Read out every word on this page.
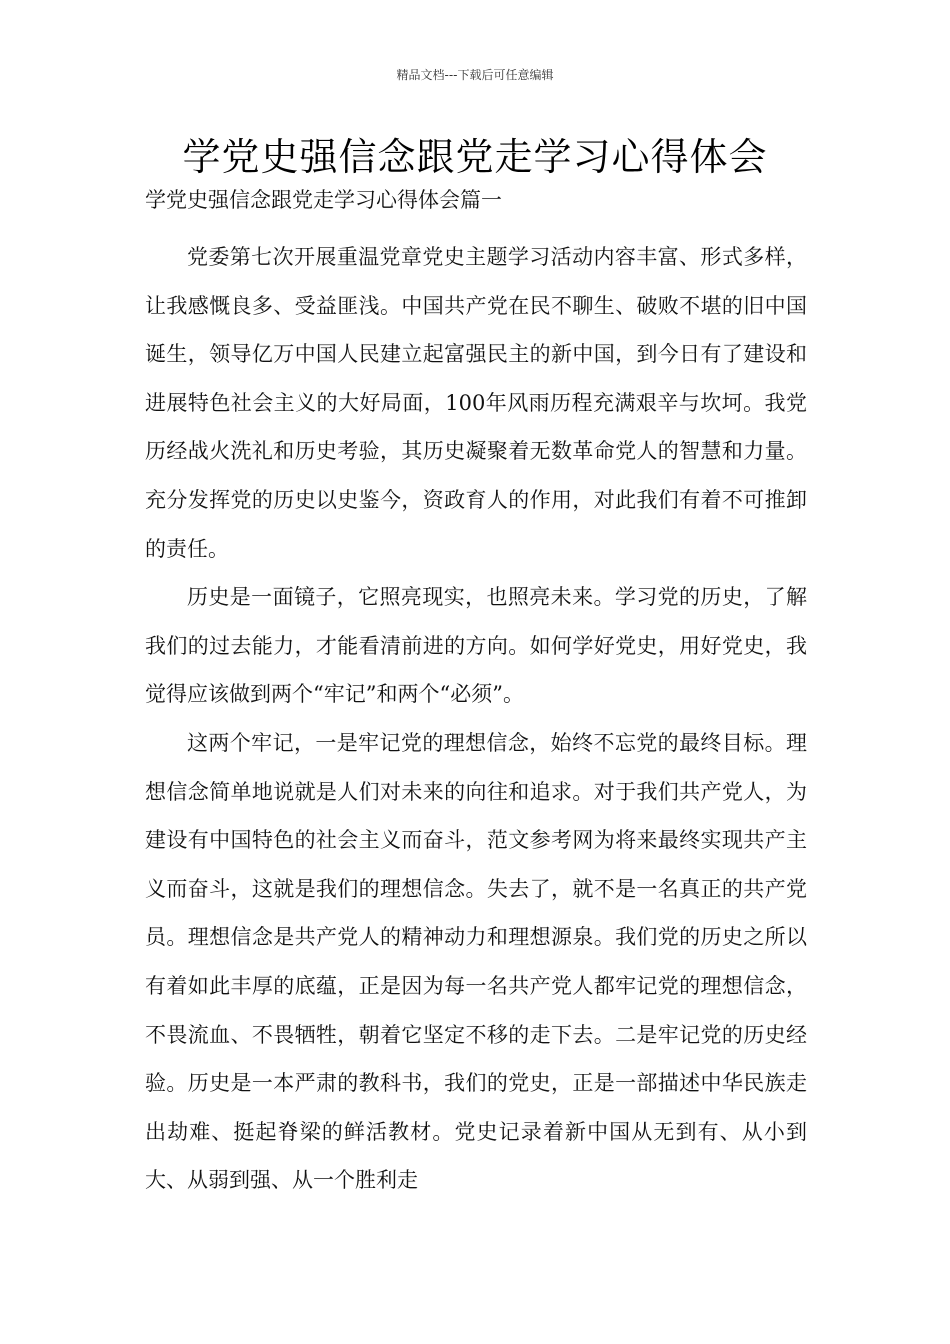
精品文档---下载后可任意编辑
学党史强信念跟党走学习心得体会
学党史强信念跟党走学习心得体会篇一

党委第七次开展重温党章党史主题学习活动内容丰富、形式多样，让我感慨良多、受益匪浅。中国共产党在民不聊生、破败不堪的旧中国诞生，领导亿万中国人民建立起富强民主的新中国，到今日有了建设和进展特色社会主义的大好局面，100年风雨历程充满艰辛与坎坷。我党历经战火洗礼和历史考验，其历史凝聚着无数革命党人的智慧和力量。充分发挥党的历史以史鉴今，资政育人的作用，对此我们有着不可推卸的责任。

历史是一面镜子，它照亮现实，也照亮未来。学习党的历史，了解我们的过去能力，才能看清前进的方向。如何学好党史，用好党史，我觉得应该做到两个“牢记”和两个“必须”。

这两个牢记，一是牢记党的理想信念，始终不忘党的最终目标。理想信念简单地说就是人们对未来的向往和追求。对于我们共产党人，为建设有中国特色的社会主义而奋斗，范文参考网为将来最终实现共产主义而奋斗，这就是我们的理想信念。失去了，就不是一名真正的共产党员。理想信念是共产党人的精神动力和理想源泉。我们党的历史之所以有着如此丰厚的底蕴，正是因为每一名共产党人都牢记党的理想信念，不畏流血、不畏牺牲，朝着它坚定不移的走下去。二是牢记党的历史经验。历史是一本严肃的教科书，我们的党史，正是一部描述中华民族走出劫难、挺起脊梁的鲜活教材。党史记录着新中国从无到有、从小到大、从弱到强、从一个胜利走
